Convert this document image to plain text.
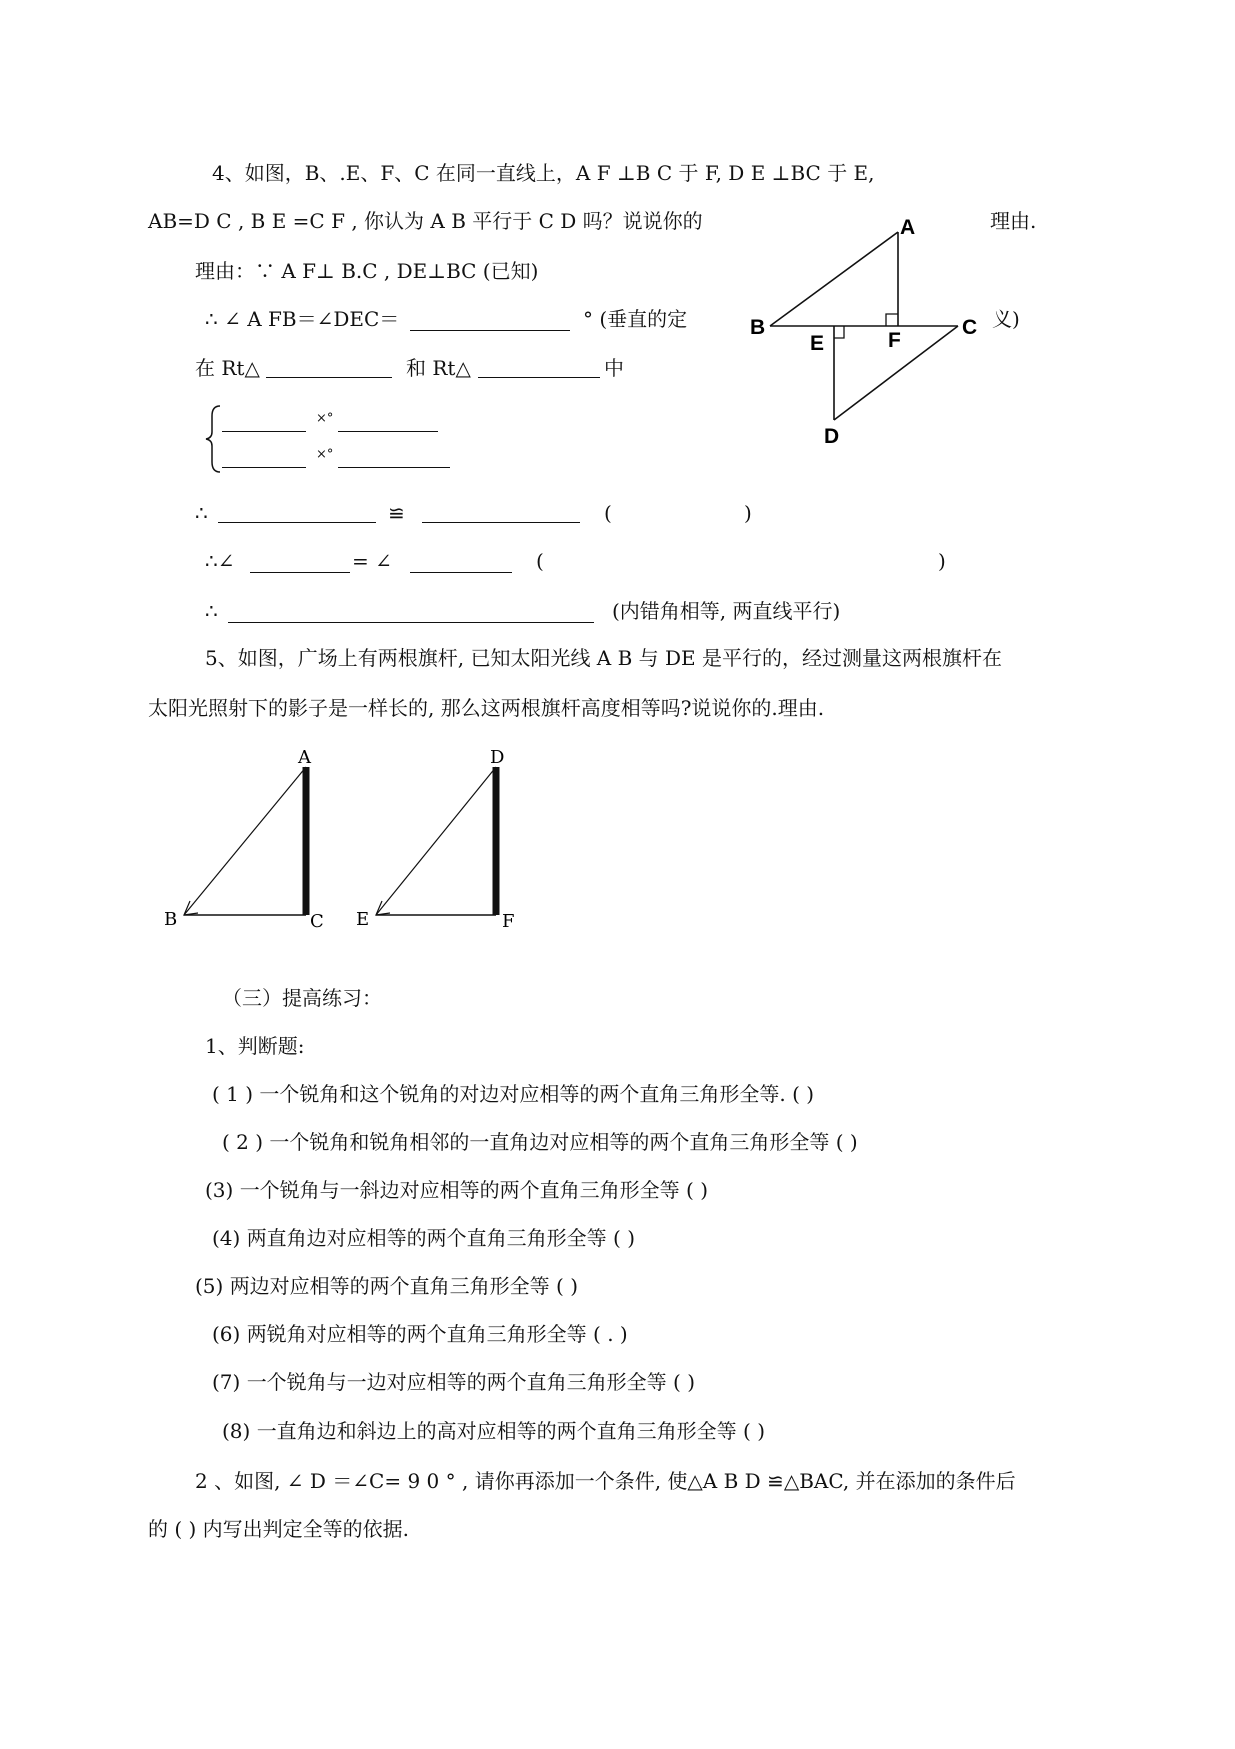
4、如图，B、.E、F、C 在同一直线上，A F ⊥B C 于 F, D E ⊥BC 于 E,
AB=D C , B E =C F , 你认为 A B 平行于 C D 吗？说说你的	理由.
理由：∵ A F⊥ B.C , DE⊥BC (已知)
∴ ∠ A FB＝∠DEC＝	° (垂直的定	义)
在 Rt△	和 Rt△	中
×°
×°
∴	≌	(	)
∴∠	= ∠	(	)
∴	(内错角相等, 两直线平行)
A
B	C
D
E	F
5、如图，广场上有两根旗杆, 已知太阳光线 A B 与 DE 是平行的，经过测量这两根旗杆在
太阳光照射下的影子是一样长的, 那么这两根旗杆高度相等吗?说说你的.理由.
A
B	C
D
E	F
（三）提高练习：
1、判断题:
( 1 ) 一个锐角和这个锐角的对边对应相等的两个直角三角形全等. ( )
( 2 ) 一个锐角和锐角相邻的一直角边对应相等的两个直角三角形全等 ( )
(3) 一个锐角与一斜边对应相等的两个直角三角形全等 ( )
(4) 两直角边对应相等的两个直角三角形全等 ( )
(5) 两边对应相等的两个直角三角形全等 ( )
(6) 两锐角对应相等的两个直角三角形全等 ( . )
(7) 一个锐角与一边对应相等的两个直角三角形全等 ( )
(8) 一直角边和斜边上的高对应相等的两个直角三角形全等 ( )
2 、如图, ∠ D ＝∠C= 9 0 ° , 请你再添加一个条件, 使△A B D ≌△BAC, 并在添加的条件后
的 ( ) 内写出判定全等的依据.
